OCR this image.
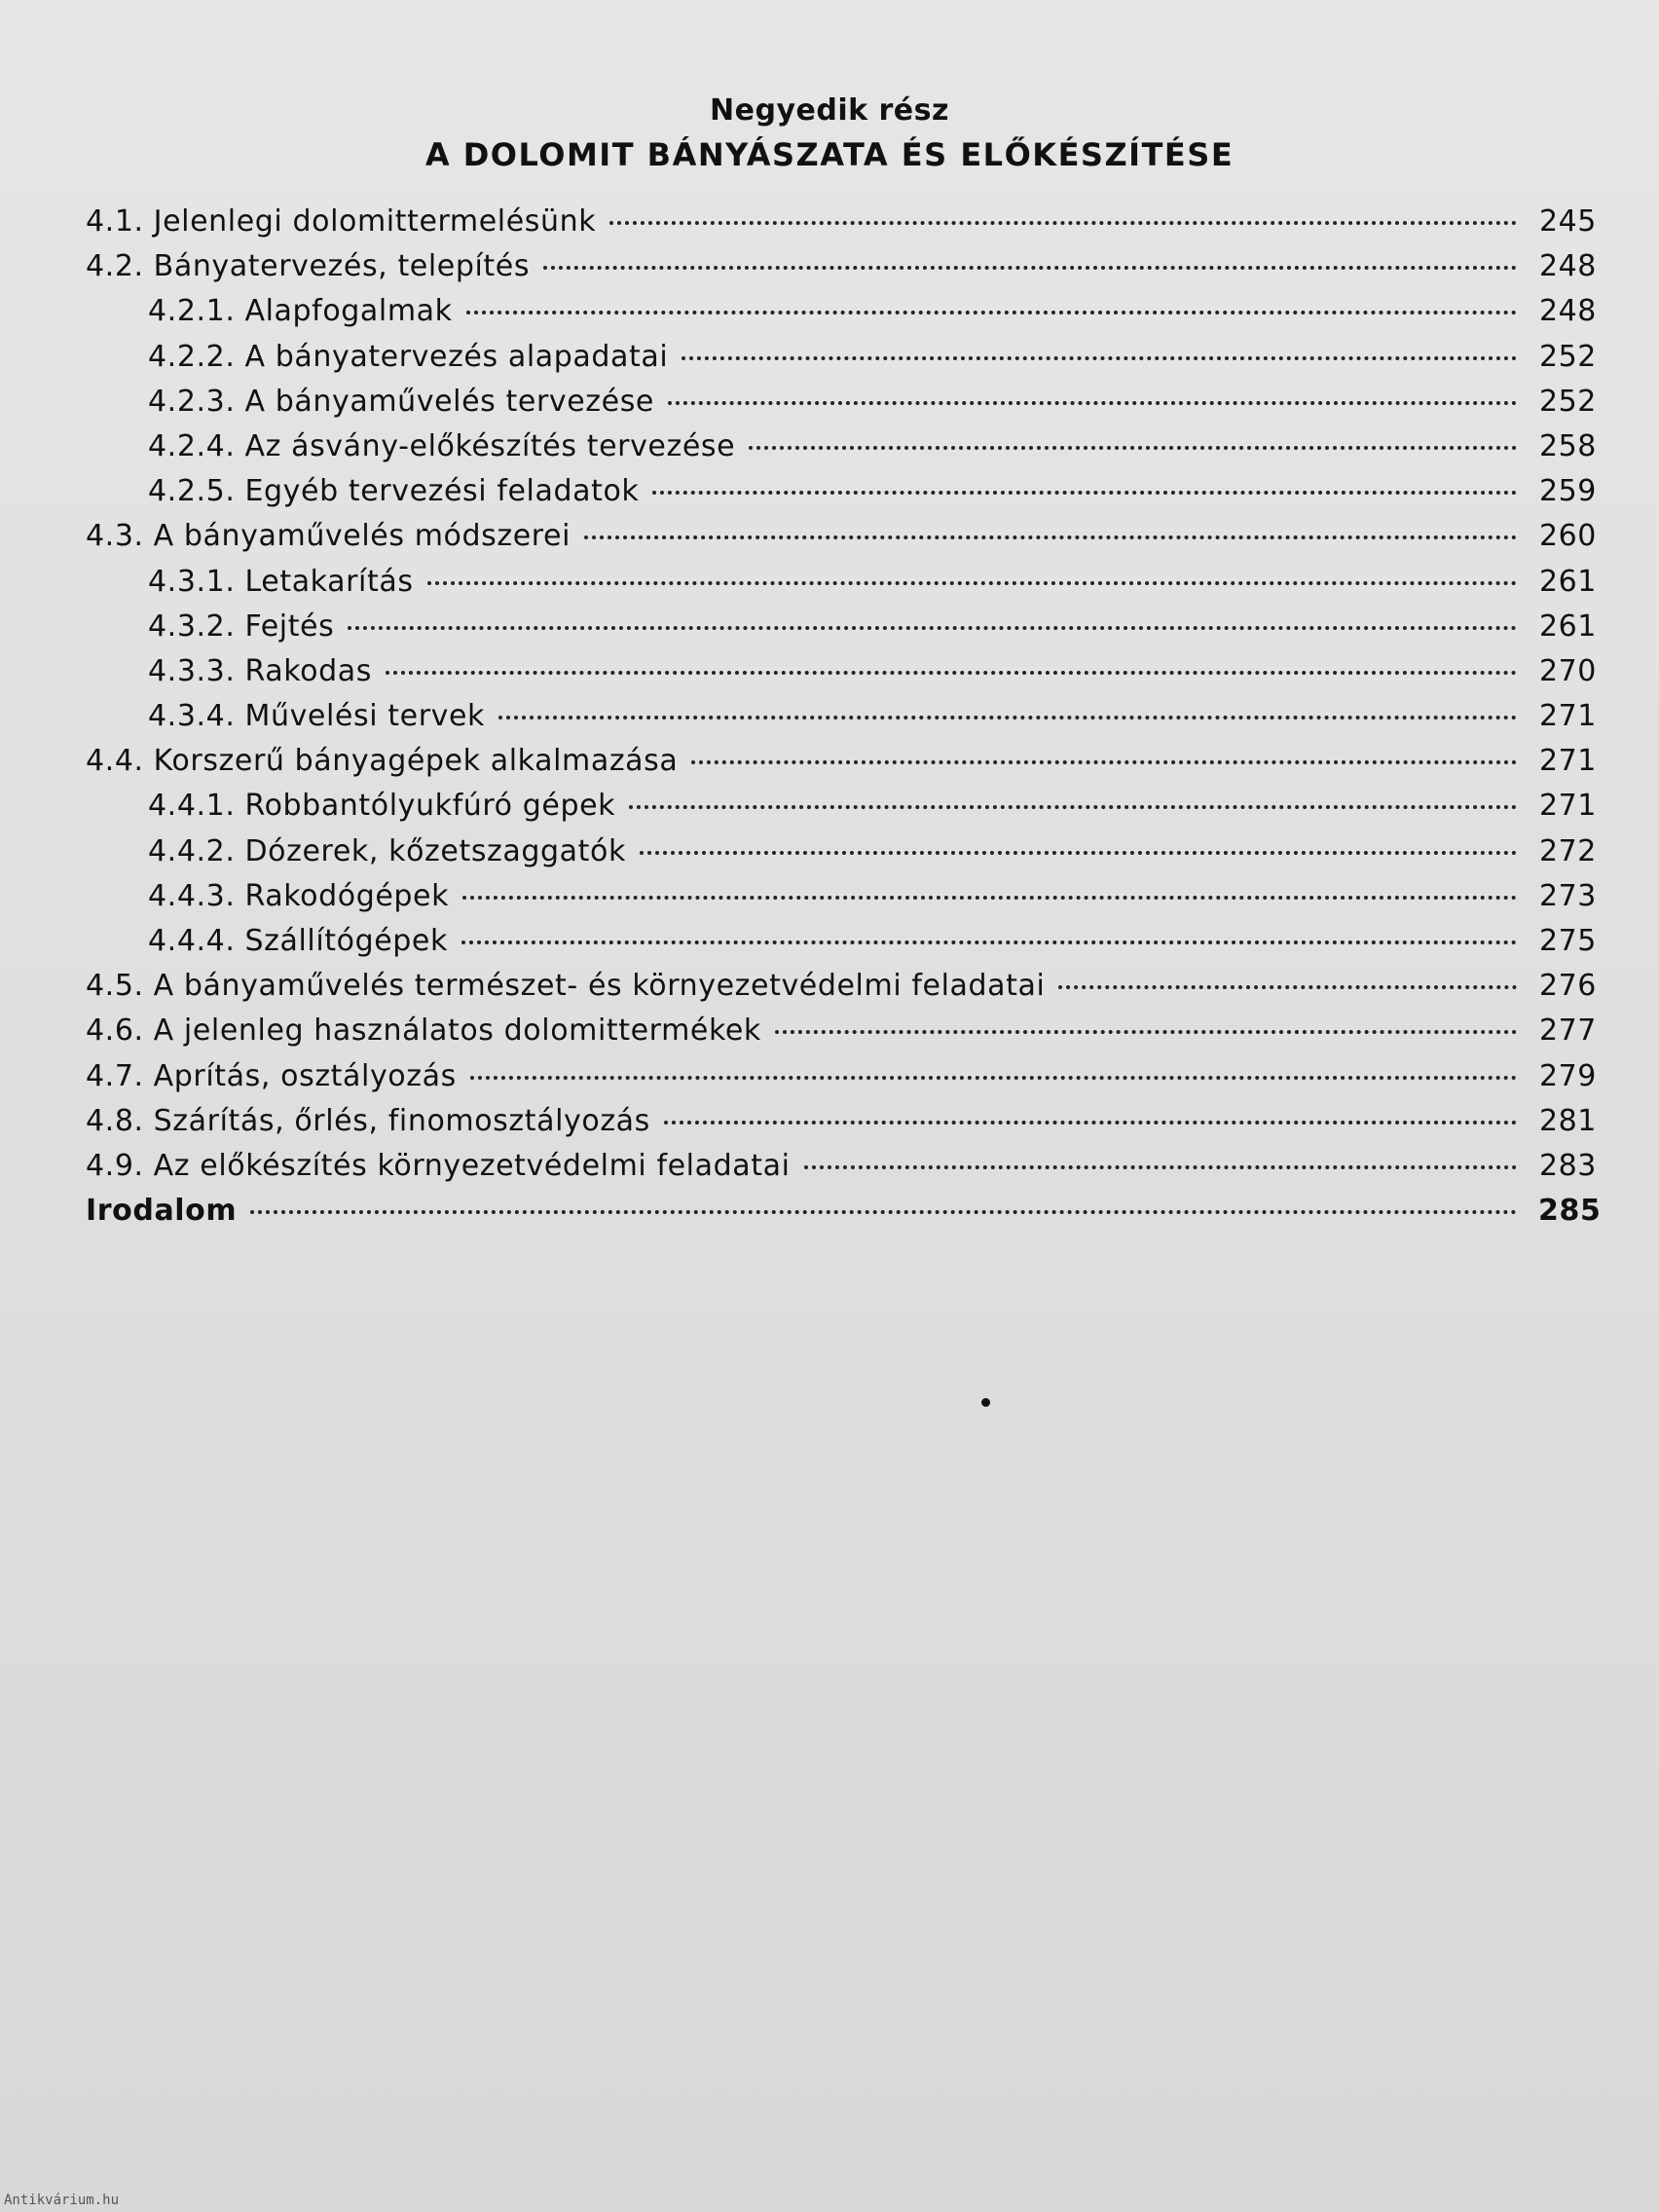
Negyedik rész
A DOLOMIT BÁNYÁSZATA ÉS ELŐKÉSZÍTÉSE
4.1. Jelenlegi dolomittermelésünk	245
4.2. Bányatervezés, telepítés	248
4.2.1. Alapfogalmak	248
4.2.2. A bányatervezés alapadatai	252
4.2.3. A bányaművelés tervezése	252
4.2.4. Az ásvány-előkészítés tervezése	258
4.2.5. Egyéb tervezési feladatok	259
4.3. A bányaművelés módszerei	260
4.3.1. Letakarítás	261
4.3.2. Fejtés	261
4.3.3. Rakodas	270
4.3.4. Művelési tervek	271
4.4. Korszerű bányagépek alkalmazása	271
4.4.1. Robbantólyukfúró gépek	271
4.4.2. Dózerek, kőzetszaggatók	272
4.4.3. Rakodógépek	273
4.4.4. Szállítógépek	275
4.5. A bányaművelés természet- és környezetvédelmi feladatai	276
4.6. A jelenleg használatos dolomittermékek	277
4.7. Aprítás, osztályozás	279
4.8. Szárítás, őrlés, finomosztályozás	281
4.9. Az előkészítés környezetvédelmi feladatai	283
Irodalom	285
Antikvárium.hu
